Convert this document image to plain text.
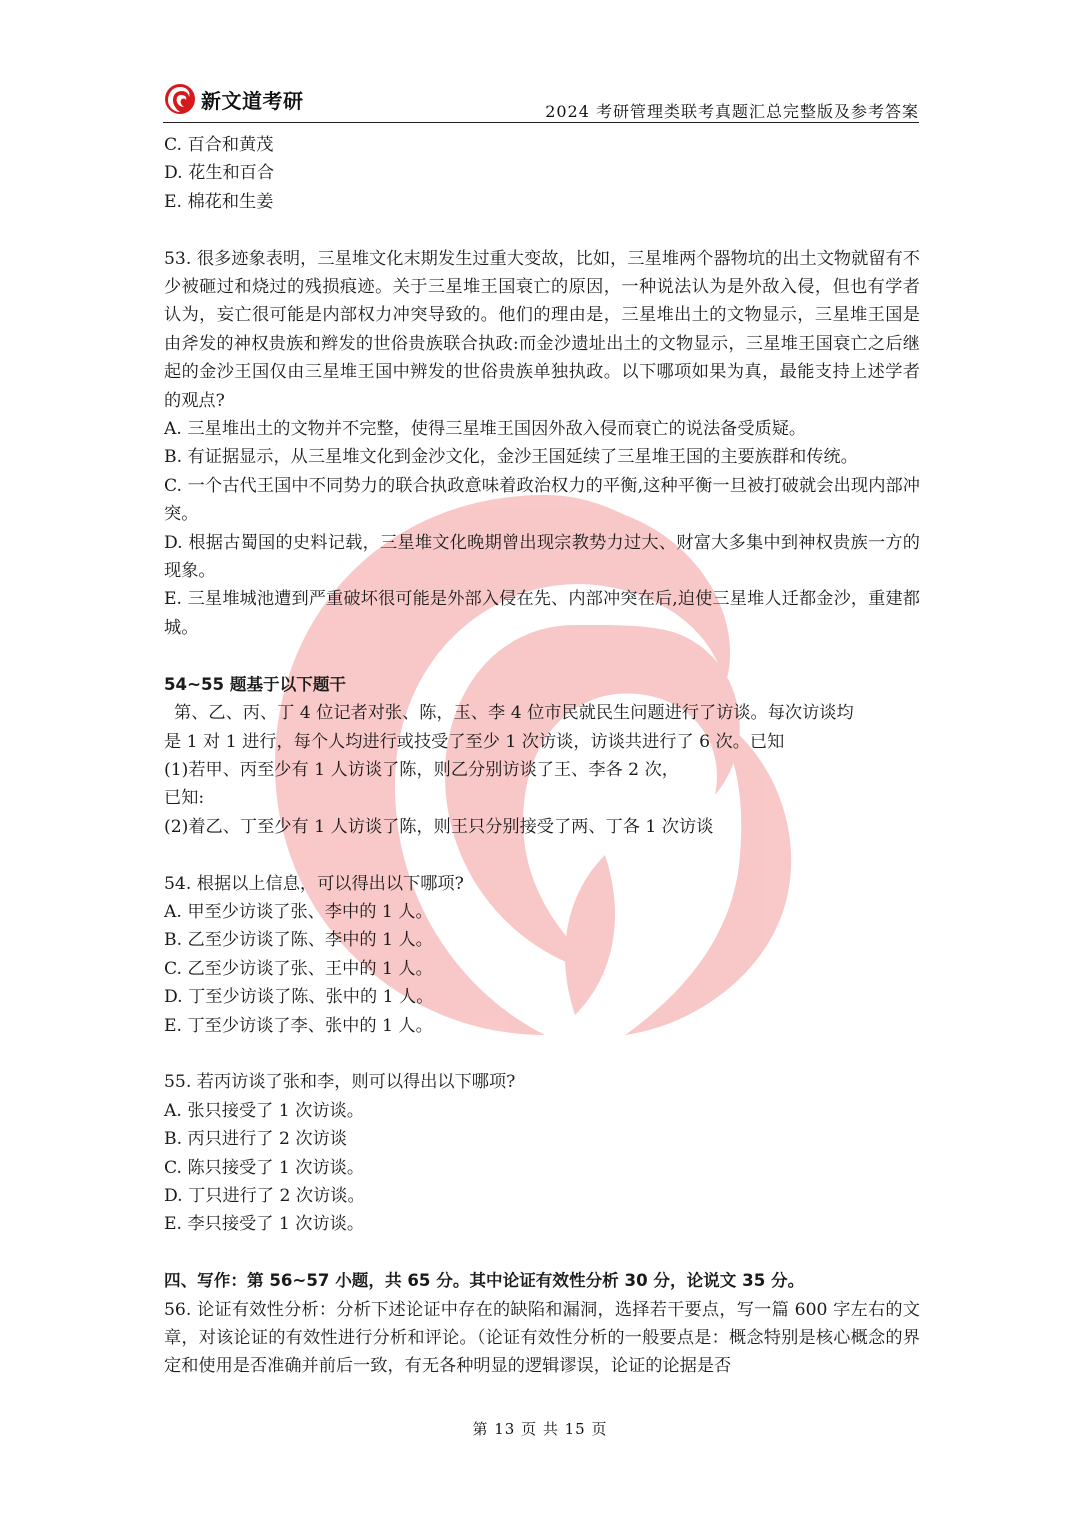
新文道考研	2024 考研管理类联考真题汇总完整版及参考答案
C. 百合和黄茂
D. 花生和百合
E. 棉花和生姜
53. 很多迹象表明，三星堆文化末期发生过重大变故，比如，三星堆两个器物坑的出土文物就留有不少被砸过和烧过的残损痕迹。关于三星堆王国衰亡的原因，一种说法认为是外敌入侵，但也有学者认为，妄亡很可能是内部权力冲突导致的。他们的理由是，三星堆出土的文物显示，三星堆王国是由斧发的神权贵族和辫发的世俗贵族联合执政:而金沙遗址出土的文物显示，三星堆王国衰亡之后继起的金沙王国仅由三星堆王国中辨发的世俗贵族单独执政。以下哪项如果为真，最能支持上述学者的观点?
A. 三星堆出土的文物并不完整，使得三星堆王国因外敌入侵而衰亡的说法备受质疑。
B. 有证据显示，从三星堆文化到金沙文化，金沙王国延续了三星堆王国的主要族群和传统。
C. 一个古代王国中不同势力的联合执政意味着政治权力的平衡,这种平衡一旦被打破就会出现内部冲突。
D. 根据古蜀国的史料记载，三星堆文化晚期曾出现宗教势力过大、财富大多集中到神权贵族一方的现象。
E. 三星堆城池遭到严重破坏很可能是外部入侵在先、内部冲突在后,迫使三星堆人迁都金沙，重建都城。
54~55 题基于以下题干
第、乙、丙、丁 4 位记者对张、陈，玉、李 4 位市民就民生问题进行了访谈。每次访谈均
是 1 对 1 进行，每个人均进行或技受了至少 1 次访谈，访谈共进行了 6 次。已知
(1)若甲、丙至少有 1 人访谈了陈，则乙分别访谈了王、李各 2 次，
已知:
(2)着乙、丁至少有 1 人访谈了陈，则王只分别接受了两、丁各 1 次访谈
54. 根据以上信息，可以得出以下哪项?
A. 甲至少访谈了张、李中的 1 人。
B. 乙至少访谈了陈、李中的 1 人。
C. 乙至少访谈了张、王中的 1 人。
D. 丁至少访谈了陈、张中的 1 人。
E. 丁至少访谈了李、张中的 1 人。
55. 若丙访谈了张和李，则可以得出以下哪项?
A. 张只接受了 1 次访谈。
B. 丙只进行了 2 次访谈
C. 陈只接受了 1 次访谈。
D. 丁只进行了 2 次访谈。
E. 李只接受了 1 次访谈。
四、写作：第 56~57 小题，共 65 分。其中论证有效性分析 30 分，论说文 35 分。
56. 论证有效性分析：分析下述论证中存在的缺陷和漏洞，选择若干要点，写一篇 600 字左右的文章，对该论证的有效性进行分析和评论。（论证有效性分析的一般要点是：概念特别是核心概念的界定和使用是否准确并前后一致，有无各种明显的逻辑谬误，论证的论据是否
第 13 页 共 15 页
